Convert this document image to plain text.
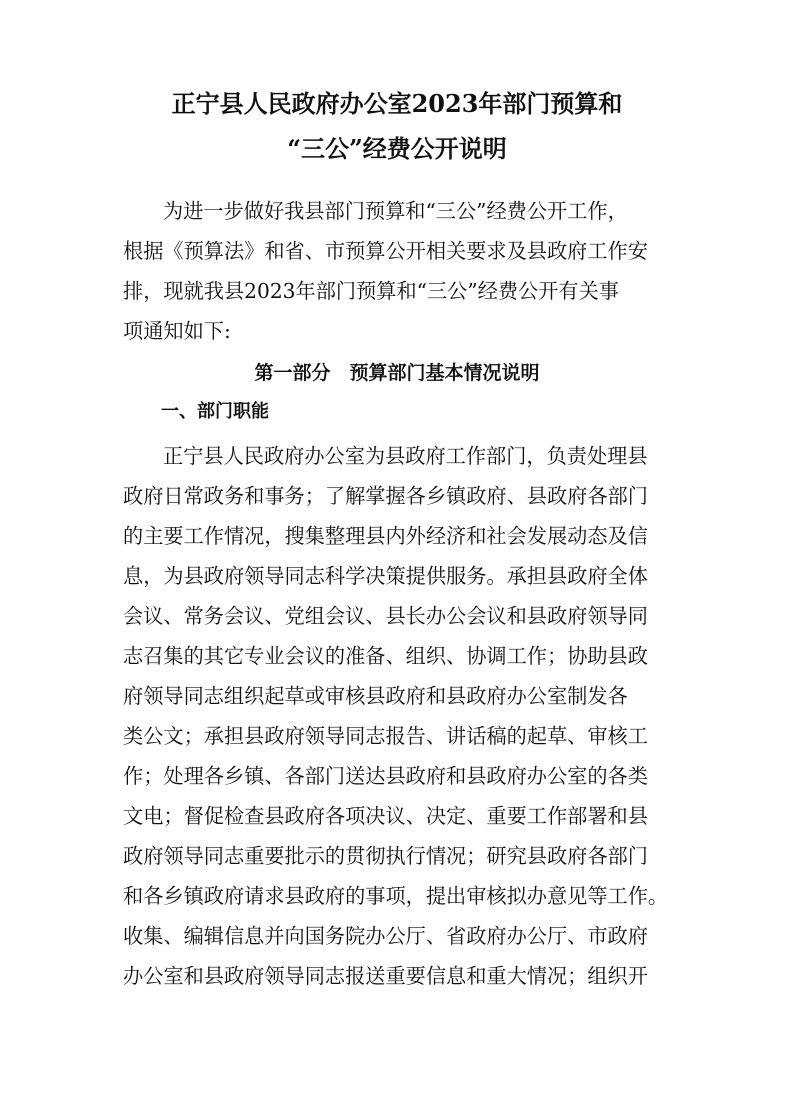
正宁县人民政府办公室2023年部门预算和
“三公”经费公开说明
为进一步做好我县部门预算和“三公”经费公开工作，
根据《预算法》和省、市预算公开相关要求及县政府工作安
排，现就我县2023年部门预算和“三公”经费公开有关事
项通知如下:
第一部分　预算部门基本情况说明
一、部门职能
正宁县人民政府办公室为县政府工作部门，负责处理县
政府日常政务和事务；了解掌握各乡镇政府、县政府各部门
的主要工作情况，搜集整理县内外经济和社会发展动态及信
息，为县政府领导同志科学决策提供服务。承担县政府全体
会议、常务会议、党组会议、县长办公会议和县政府领导同
志召集的其它专业会议的准备、组织、协调工作；协助县政
府领导同志组织起草或审核县政府和县政府办公室制发各
类公文；承担县政府领导同志报告、讲话稿的起草、审核工
作；处理各乡镇、各部门送达县政府和县政府办公室的各类
文电；督促检查县政府各项决议、决定、重要工作部署和县
政府领导同志重要批示的贯彻执行情况；研究县政府各部门
和各乡镇政府请求县政府的事项，提出审核拟办意见等工作。
收集、编辑信息并向国务院办公厅、省政府办公厅、市政府
办公室和县政府领导同志报送重要信息和重大情况；组织开
